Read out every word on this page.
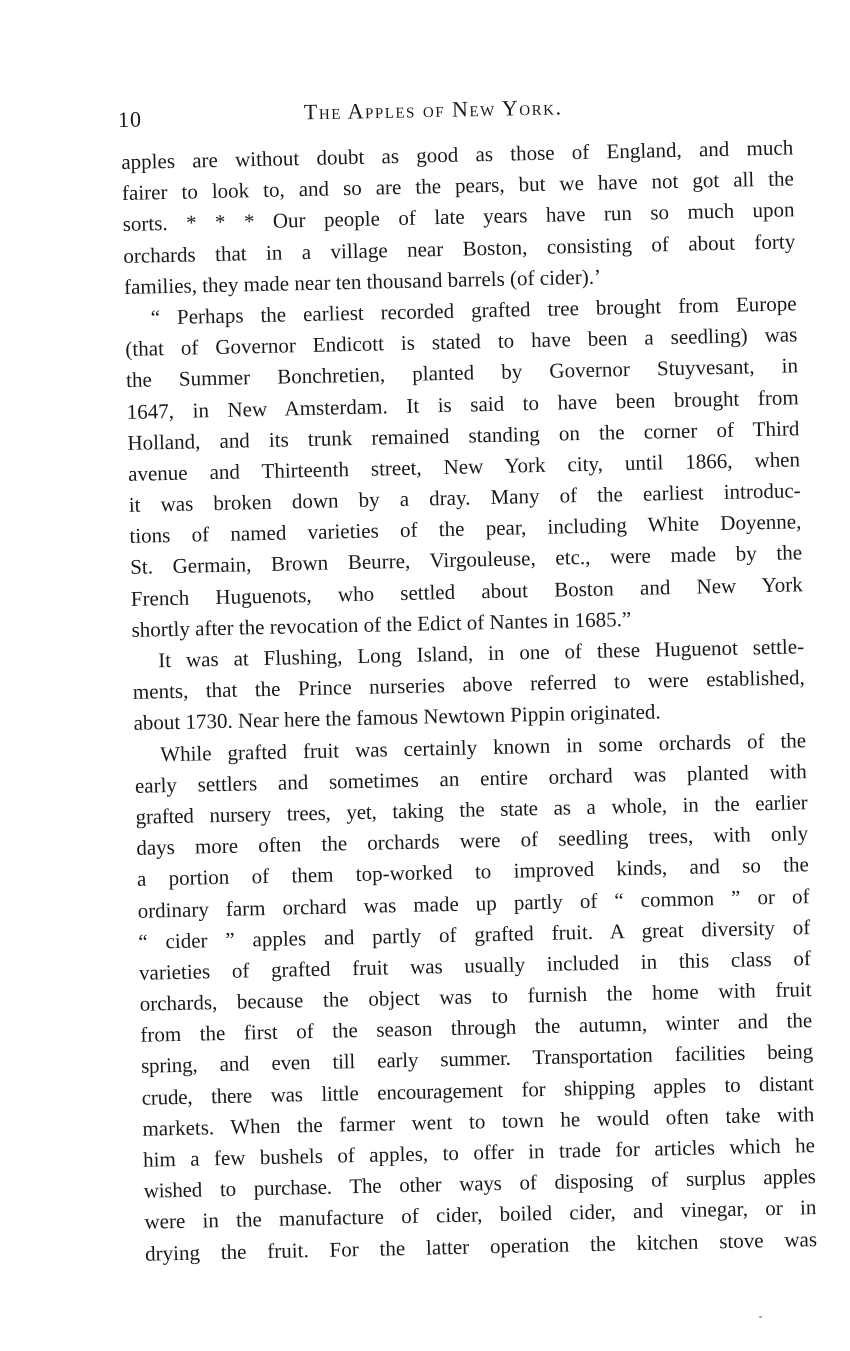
10	The Apples of New York.

apples are without doubt as good as those of England, and much
fairer to look to, and so are the pears, but we have not got all the
sorts. * * * Our people of late years have run so much upon
orchards that in a village near Boston, consisting of about forty
families, they made near ten thousand barrels (of cider).’

“ Perhaps the earliest recorded grafted tree brought from Europe
(that of Governor Endicott is stated to have been a seedling) was
the Summer Bonchretien, planted by Governor Stuyvesant, in
1647, in New Amsterdam. It is said to have been brought from
Holland, and its trunk remained standing on the corner of Third
avenue and Thirteenth street, New York city, until 1866, when
it was broken down by a dray. Many of the earliest introduc-
tions of named varieties of the pear, including White Doyenne,
St. Germain, Brown Beurre, Virgouleuse, etc., were made by the
French Huguenots, who settled about Boston and New York
shortly after the revocation of the Edict of Nantes in 1685.”

It was at Flushing, Long Island, in one of these Huguenot settle-
ments, that the Prince nurseries above referred to were established,
about 1730. Near here the famous Newtown Pippin originated.

While grafted fruit was certainly known in some orchards of the
early settlers and sometimes an entire orchard was planted with
grafted nursery trees, yet, taking the state as a whole, in the earlier
days more often the orchards were of seedling trees, with only
a portion of them top-worked to improved kinds, and so the
ordinary farm orchard was made up partly of “ common ” or of
“ cider ” apples and partly of grafted fruit. A great diversity of
varieties of grafted fruit was usually included in this class of
orchards, because the object was to furnish the home with fruit
from the first of the season through the autumn, winter and the
spring, and even till early summer. Transportation facilities being
crude, there was little encouragement for shipping apples to distant
markets. When the farmer went to town he would often take with
him a few bushels of apples, to offer in trade for articles which he
wished to purchase. The other ways of disposing of surplus apples
were in the manufacture of cider, boiled cider, and vinegar, or in
drying the fruit. For the latter operation the kitchen stove was
